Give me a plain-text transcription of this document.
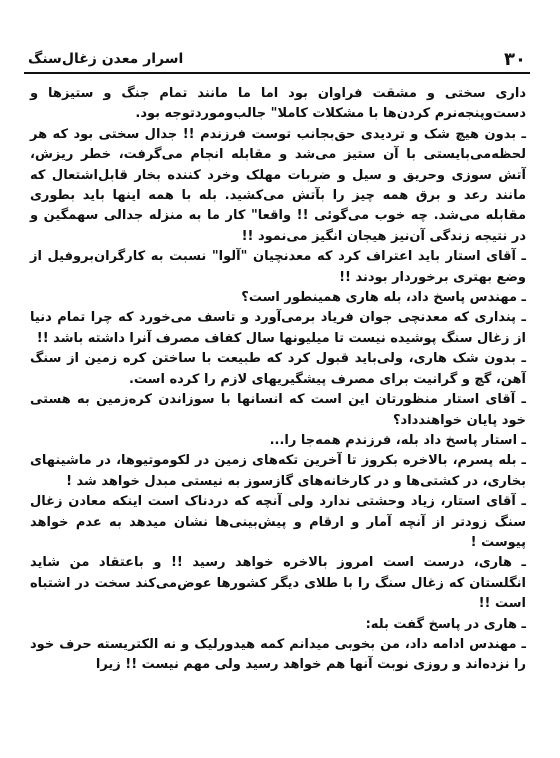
۳۰
اسرار معدن زغال‌سنگ

داری سختی و مشقت فراوان بود اما ما مانند تمام جنگ و ستیزها و دست‌وپنجه‌نرم کردن‌ها با مشکلات کاملا" جالب‌ومورد‌توجه بود.

ـ بدون هیچ شک و تردیدی حق‌بجانب توست فرزندم !! جدال سختی بود که هر لحظه‌می‌بایستی با آن ستیز می‌شد و مقابله انجام می‌گرفت، خطر ریزش، آتش سوزی وحریق و سیل و ضربات مهلک وخرد کننده بخار قابل‌اشتعال که مانند رعد و برق همه چیز را بآتش می‌کشید. بله با همه اینها باید بطوری مقابله می‌شد. چه خوب می‌گوئی !! واقعا" کار ما به منزله جدالی سهمگین و در نتیجه زندگی آن‌نیز هیجان انگیز می‌نمود !!

ـ آقای استار باید اعتراف کرد که معدنچیان "آلوا" نسبت به کارگران‌بروفیل از وضع بهتری برخوردار بودند !!

ـ مهندس پاسخ داد، بله هاری همینطور است؟

ـ پنداری که معدنچی جوان فریاد برمی‌آورد و تاسف می‌خورد که چرا تمام دنیا از زغال سنگ پوشیده نیست تا میلیونها سال کفاف مصرف آنرا داشته باشد !!

ـ بدون شک هاری، ولی‌باید قبول کرد که طبیعت با ساختن کره زمین از سنگ آهن، گچ و گرانیت برای مصرف پیشگیریهای لازم را کرده است.

ـ آقای استار منظورتان این است که انسانها با سوزاندن کره‌زمین به هستی خود پایان خواهند‌داد؟

ـ استار پاسخ داد بله، فرزندم همه‌جا را...

ـ بله پسرم، بالاخره بکروز تا آخرین تکه‌های زمین در لکوموتیوها، در ماشینهای بخاری، در کشتی‌ها و در کارخانه‌های گازسوز به نیستی مبدل خواهد شد !

ـ آقای استار، زیاد وحشتی ندارد ولی آنچه که دردناک است اینکه معادن زغال سنگ زودتر از آنچه آمار و ارقام و پیش‌بینی‌ها نشان میدهد به عدم خواهد پیوست !

ـ هاری، درست است امروز بالاخره خواهد رسید !! و باعتقاد من شاید انگلستان که زغال سنگ را با طلای دیگر کشورها عوض‌می‌کند سخت در اشتباه است !!

ـ هاری در پاسخ گفت بله:

ـ مهندس ادامه داد، من بخوبی میدانم کمه هیدورلیک و نه الکتریسته حرف خود را نزده‌اند و روزی نوبت آنها هم خواهد رسید ولی مهم نیست !! زیرا
